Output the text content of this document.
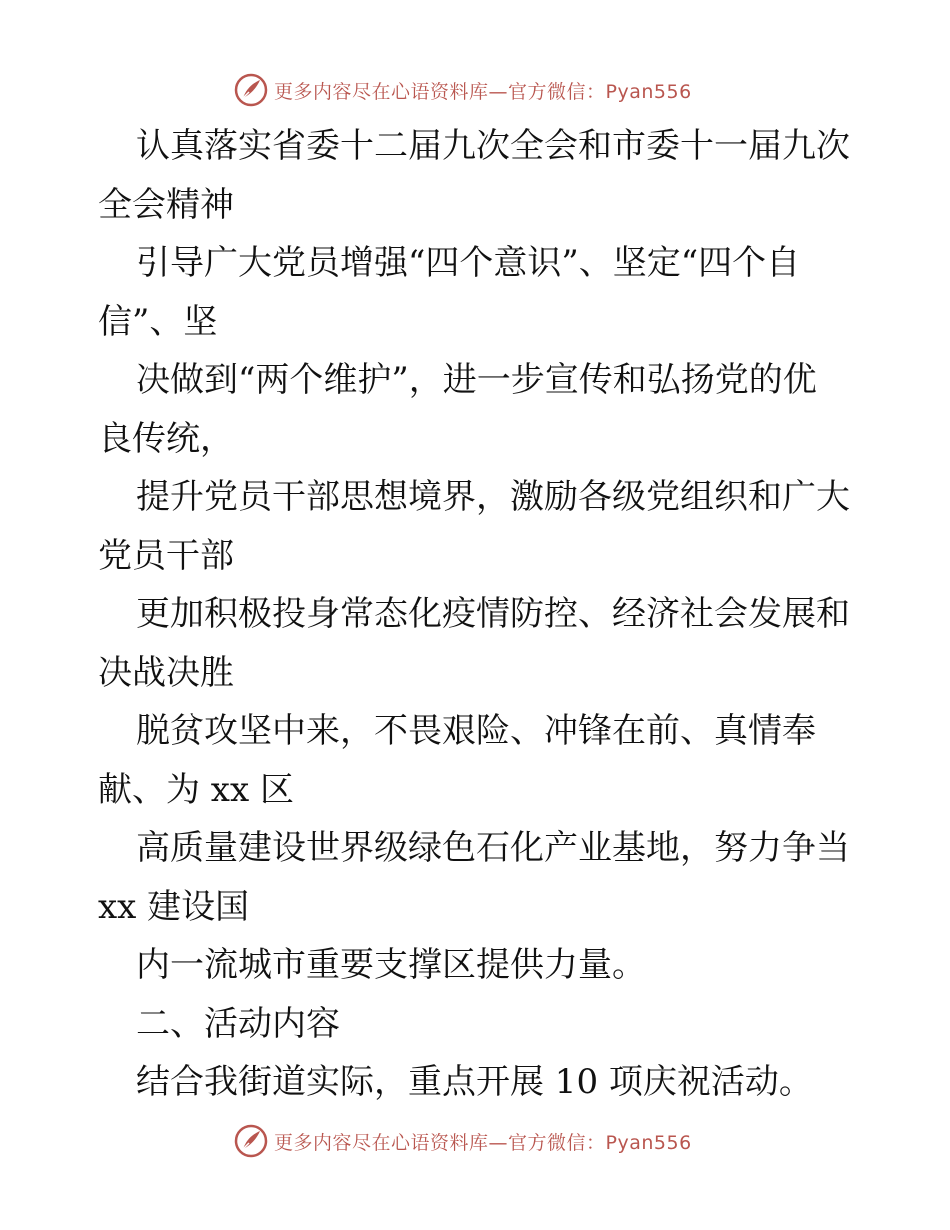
更多内容尽在心语资料库—官方微信：Pyan556
认真落实省委十二届九次全会和市委十一届九次
全会精神
引导广大党员增强“四个意识”、坚定“四个自
信”、坚
决做到“两个维护”，进一步宣传和弘扬党的优
良传统，
提升党员干部思想境界，激励各级党组织和广大
党员干部
更加积极投身常态化疫情防控、经济社会发展和
决战决胜
脱贫攻坚中来，不畏艰险、冲锋在前、真情奉
献、为 xx 区
高质量建设世界级绿色石化产业基地，努力争当
xx 建设国
内一流城市重要支撑区提供力量。
二、活动内容
结合我街道实际，重点开展 10 项庆祝活动。
更多内容尽在心语资料库—官方微信：Pyan556
